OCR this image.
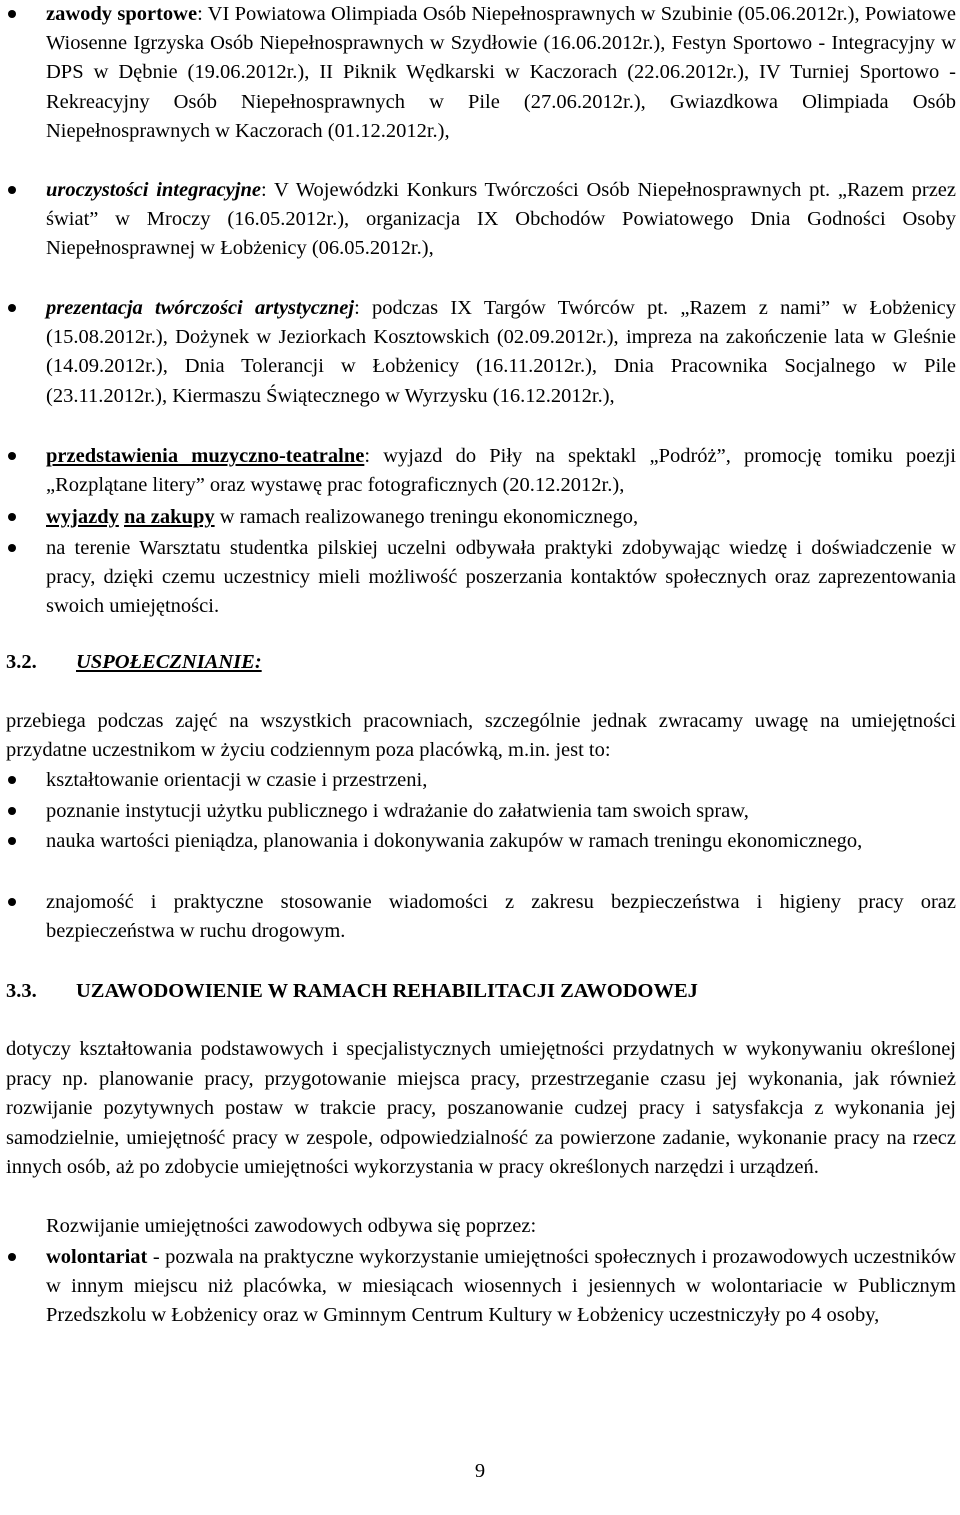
zawody sportowe: VI Powiatowa Olimpiada Osób Niepełnosprawnych w Szubinie (05.06.2012r.), Powiatowe Wiosenne Igrzyska Osób Niepełnosprawnych w Szydłowie (16.06.2012r.), Festyn Sportowo - Integracyjny w DPS w Dębnie (19.06.2012r.), II Piknik Wędkarski w Kaczorach (22.06.2012r.), IV Turniej Sportowo - Rekreacyjny Osób Niepełnosprawnych w Pile (27.06.2012r.), Gwiazdkowa Olimpiada Osób Niepełnosprawnych w Kaczorach (01.12.2012r.),

uroczystości integracyjne: V Wojewódzki Konkurs Twórczości Osób Niepełnosprawnych pt. „Razem przez świat” w Mroczy (16.05.2012r.), organizacja IX Obchodów Powiatowego Dnia Godności Osoby Niepełnosprawnej w Łobżenicy (06.05.2012r.),

prezentacja twórczości artystycznej: podczas IX Targów Twórców pt. „Razem z nami” w Łobżenicy (15.08.2012r.), Dożynek w Jeziorkach Kosztowskich (02.09.2012r.), impreza na zakończenie lata w Gleśnie (14.09.2012r.), Dnia Tolerancji w Łobżenicy (16.11.2012r.), Dnia Pracownika Socjalnego w Pile (23.11.2012r.), Kiermaszu Świątecznego w Wyrzysku (16.12.2012r.),

przedstawienia muzyczno-teatralne: wyjazd do Piły na spektakl „Podróż”, promocję tomiku poezji „Rozplątane litery” oraz wystawę prac fotograficznych (20.12.2012r.),

wyjazdy na zakupy w ramach realizowanego treningu ekonomicznego,

na terenie Warsztatu studentka pilskiej uczelni odbywała praktyki zdobywając wiedzę i doświadczenie w pracy, dzięki czemu uczestnicy mieli możliwość poszerzania kontaktów społecznych oraz zaprezentowania swoich umiejętności.

3.2. USPOŁECZNIANIE:

przebiega podczas zajęć na wszystkich pracowniach, szczególnie jednak zwracamy uwagę na umiejętności przydatne uczestnikom w życiu codziennym poza placówką, m.in. jest to:

kształtowanie orientacji w czasie i przestrzeni,

poznanie instytucji użytku publicznego i wdrażanie do załatwienia tam swoich spraw,

nauka wartości pieniądza, planowania i dokonywania zakupów w ramach treningu ekonomicznego,

znajomość i praktyczne stosowanie wiadomości z zakresu bezpieczeństwa i higieny pracy oraz bezpieczeństwa w ruchu drogowym.

3.3. UZAWODOWIENIE W RAMACH REHABILITACJI ZAWODOWEJ

dotyczy kształtowania podstawowych i specjalistycznych umiejętności przydatnych w wykonywaniu określonej pracy np. planowanie pracy, przygotowanie miejsca pracy, przestrzeganie czasu jej wykonania, jak również rozwijanie pozytywnych postaw w trakcie pracy, poszanowanie cudzej pracy i satysfakcja z wykonania jej samodzielnie, umiejętność pracy w zespole, odpowiedzialność za powierzone zadanie, wykonanie pracy na rzecz innych osób, aż po zdobycie umiejętności wykorzystania w pracy określonych narzędzi i urządzeń.

Rozwijanie umiejętności zawodowych odbywa się poprzez:

wolontariat - pozwala na praktyczne wykorzystanie umiejętności społecznych i prozawodowych uczestników w innym miejscu niż placówka, w miesiącach wiosennych i jesiennych w wolontariacie w Publicznym Przedszkolu w Łobżenicy oraz w Gminnym Centrum Kultury w Łobżenicy uczestniczyły po 4 osoby,

9
